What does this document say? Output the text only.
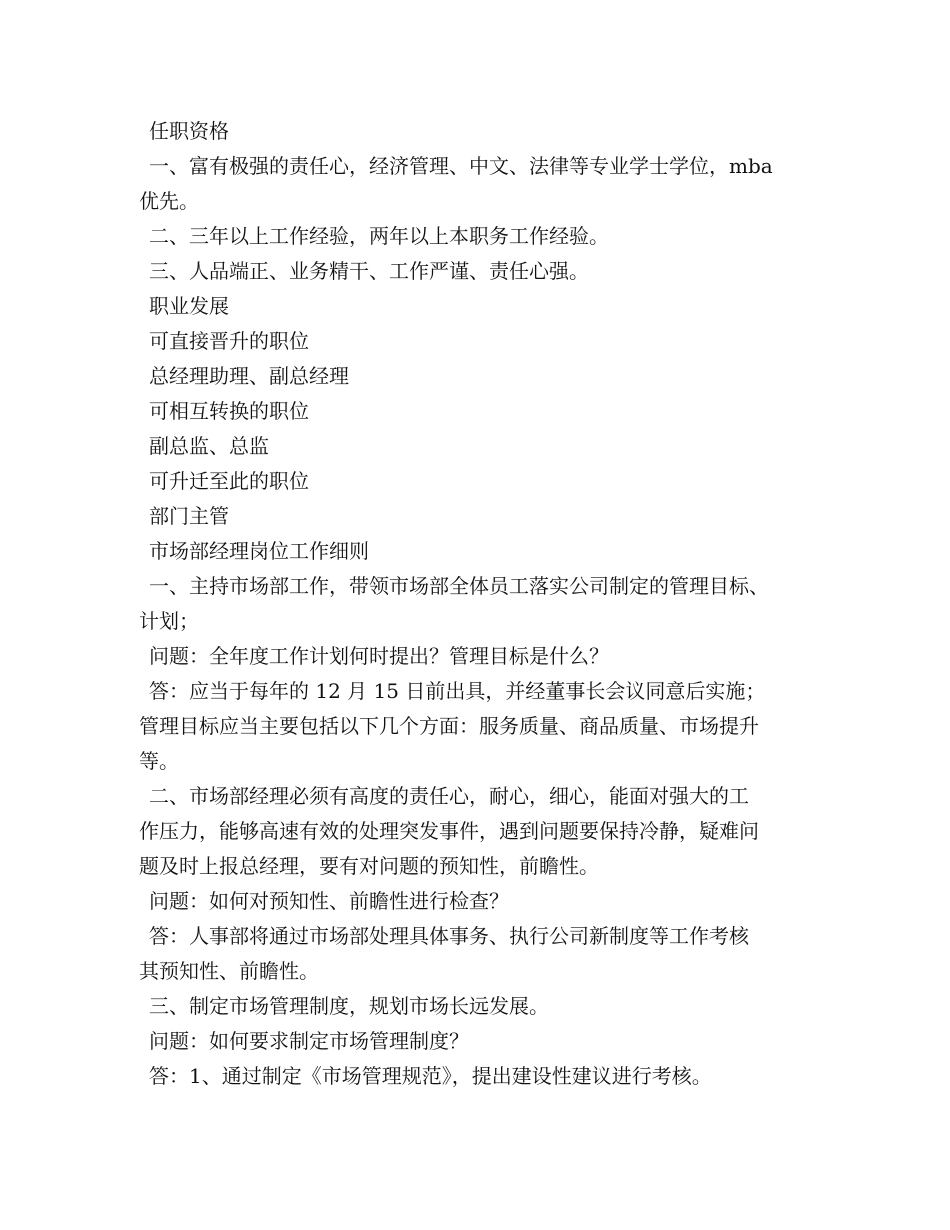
任职资格
一、富有极强的责任心，经济管理、中文、法律等专业学士学位，mba
优先。
二、三年以上工作经验，两年以上本职务工作经验。
三、人品端正、业务精干、工作严谨、责任心强。
职业发展
可直接晋升的职位
总经理助理、副总经理
可相互转换的职位
副总监、总监
可升迁至此的职位
部门主管
市场部经理岗位工作细则
一、主持市场部工作，带领市场部全体员工落实公司制定的管理目标、
计划；
问题：全年度工作计划何时提出？管理目标是什么？
答：应当于每年的 12 月 15 日前出具，并经董事长会议同意后实施；
管理目标应当主要包括以下几个方面：服务质量、商品质量、市场提升
等。
二、市场部经理必须有高度的责任心，耐心，细心，能面对强大的工
作压力，能够高速有效的处理突发事件，遇到问题要保持冷静，疑难问
题及时上报总经理，要有对问题的预知性，前瞻性。
问题：如何对预知性、前瞻性进行检查？
答：人事部将通过市场部处理具体事务、执行公司新制度等工作考核
其预知性、前瞻性。
三、制定市场管理制度，规划市场长远发展。
问题：如何要求制定市场管理制度？
答：1、通过制定《市场管理规范》，提出建设性建议进行考核。
